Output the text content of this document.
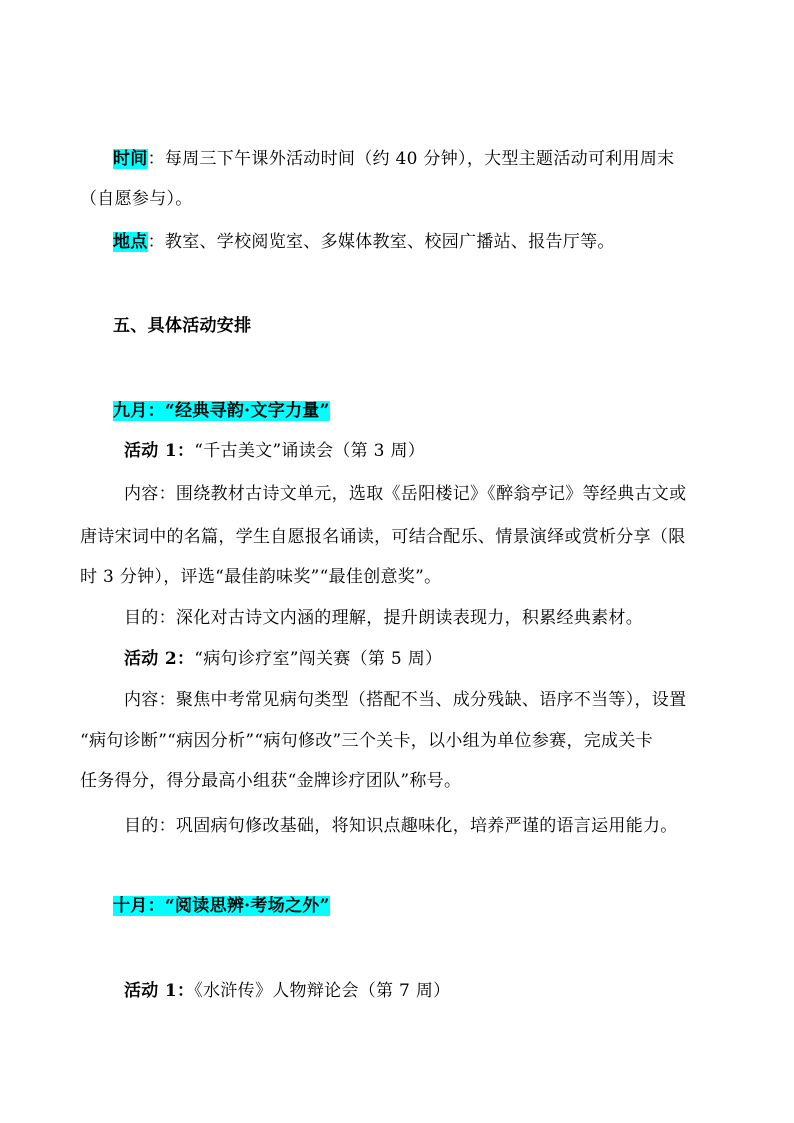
时间：每周三下午课外活动时间（约 40 分钟），大型主题活动可利用周末
（自愿参与）。
地点：教室、学校阅览室、多媒体教室、校园广播站、报告厅等。
五、具体活动安排
九月：“经典寻韵·文字力量”
活动 1：“千古美文”诵读会（第 3 周）
内容：围绕教材古诗文单元，选取《岳阳楼记》《醉翁亭记》等经典古文或
唐诗宋词中的名篇，学生自愿报名诵读，可结合配乐、情景演绎或赏析分享（限
时 3 分钟），评选“最佳韵味奖”“最佳创意奖”。
目的：深化对古诗文内涵的理解，提升朗读表现力，积累经典素材。
活动 2：“病句诊疗室”闯关赛（第 5 周）
内容：聚焦中考常见病句类型（搭配不当、成分残缺、语序不当等），设置
“病句诊断”“病因分析”“病句修改”三个关卡，以小组为单位参赛，完成关卡
任务得分，得分最高小组获“金牌诊疗团队”称号。
目的：巩固病句修改基础，将知识点趣味化，培养严谨的语言运用能力。
十月：“阅读思辨·考场之外”
活动 1：《水浒传》人物辩论会（第 7 周）
